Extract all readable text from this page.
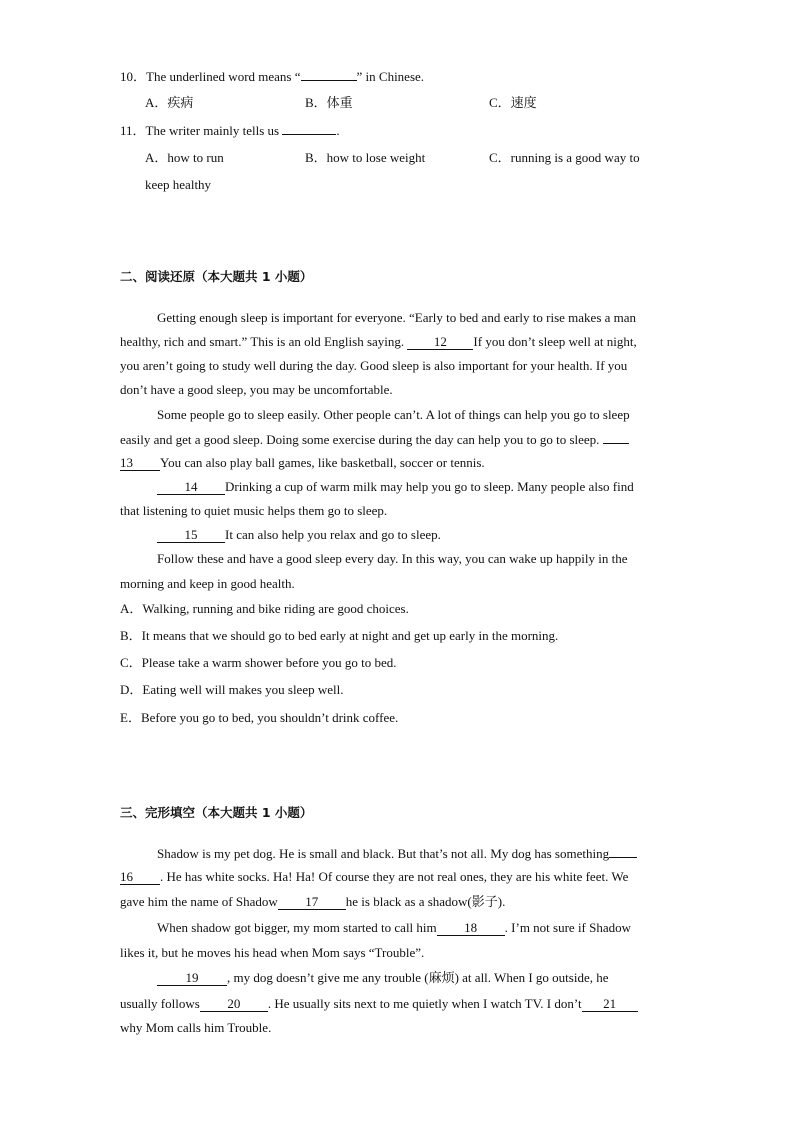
10．The underlined word means “	” in Chinese.
A．疾病	B．体重	C．速度
11．The writer mainly tells us	.
A．how to run	B．how to lose weight	C．running is a good way to
keep healthy
二、阅读还原（本大题共 1 小题）
Getting enough sleep is important for everyone. “Early to bed and early to rise makes a man
healthy, rich and smart.” This is an old English saying. 12 If you don’t sleep well at night,
you aren’t going to study well during the day. Good sleep is also important for your health. If you
don’t have a good sleep, you may be uncomfortable.
Some people go to sleep easily. Other people can’t. A lot of things can help you go to sleep
easily and get a good sleep. Doing some exercise during the day can help you to go to sleep.
13 You can also play ball games, like basketball, soccer or tennis.
14 Drinking a cup of warm milk may help you go to sleep. Many people also find
that listening to quiet music helps them go to sleep.
15 It can also help you relax and go to sleep.
Follow these and have a good sleep every day. In this way, you can wake up happily in the
morning and keep in good health.
A．Walking, running and bike riding are good choices.
B．It means that we should go to bed early at night and get up early in the morning.
C．Please take a warm shower before you go to bed.
D．Eating well will makes you sleep well.
E．Before you go to bed, you shouldn’t drink coffee.
三、完形填空（本大题共 1 小题）
Shadow is my pet dog. He is small and black. But that’s not all. My dog has something
16 . He has white socks. Ha! Ha! Of course they are not real ones, they are his white feet. We
gave him the name of Shadow 17 he is black as a shadow(影子).
When shadow got bigger, my mom started to call him 18 . I’m not sure if Shadow
likes it, but he moves his head when Mom says “Trouble”.
19 , my dog doesn’t give me any trouble (麻烦) at all. When I go outside, he
usually follows 20 . He usually sits next to me quietly when I watch TV. I don’t 21
why Mom calls him Trouble.
